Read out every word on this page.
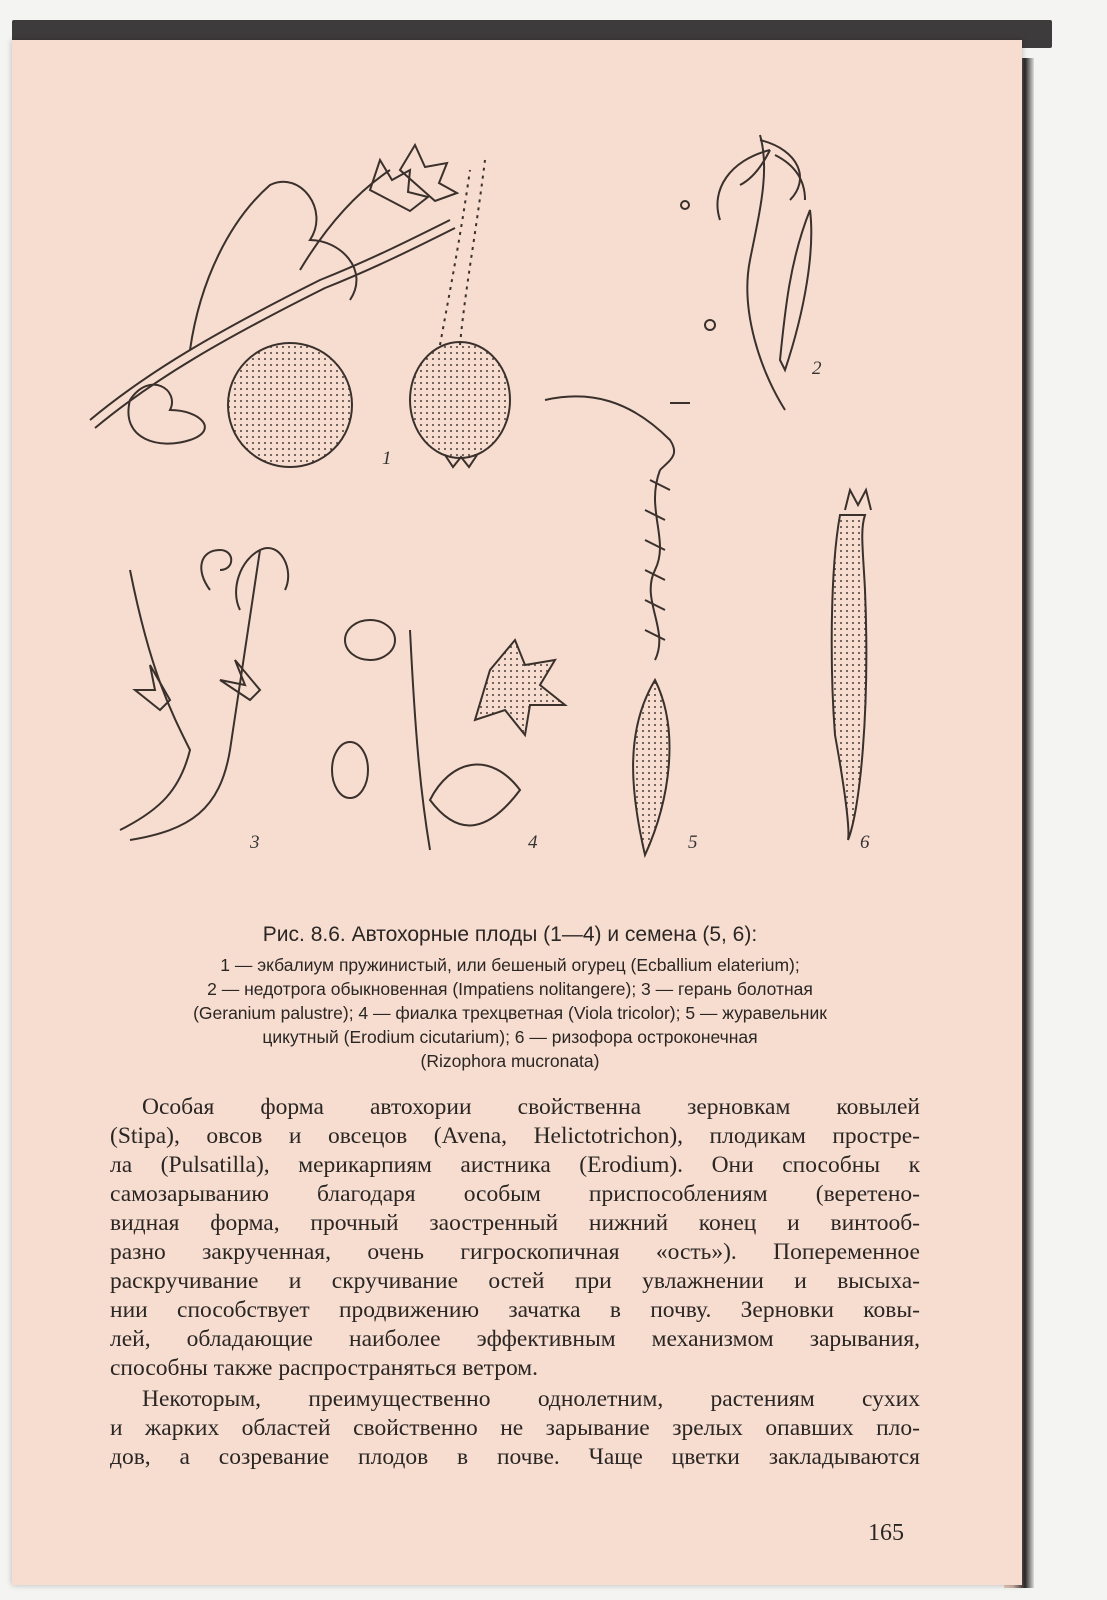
1
2
3	4	5	6
Рис. 8.6. Автохорные плоды (1—4) и семена (5, 6):
1 — экбалиум пружинистый, или бешеный огурец (Ecballium elaterium);
2 — недотрога обыкновенная (Impatiens nolitangere); 3 — герань болотная
(Geranium palustre); 4 — фиалка трехцветная (Viola tricolor); 5 — журавельник
цикутный (Erodium cicutarium); 6 — ризофора остроконечная
(Rizophora mucronata)

Особая форма автохории свойственна зерновкам ковылей
(Stipa), овсов и овсецов (Avena, Helictotrichon), плодикам простре-
ла (Pulsatilla), мерикарпиям аистника (Erodium). Они способны к
самозарыванию благодаря особым приспособлениям (веретено-
видная форма, прочный заостренный нижний конец и винтооб-
разно закрученная, очень гигроскопичная «ость»). Попеременное
раскручивание и скручивание остей при увлажнении и высыха-
нии способствует продвижению зачатка в почву. Зерновки ковы-
лей, обладающие наиболее эффективным механизмом зарывания,
способны также распространяться ветром.

Некоторым, преимущественно однолетним, растениям сухих
и жарких областей свойственно не зарывание зрелых опавших пло-
дов, а созревание плодов в почве. Чаще цветки закладываются

165
